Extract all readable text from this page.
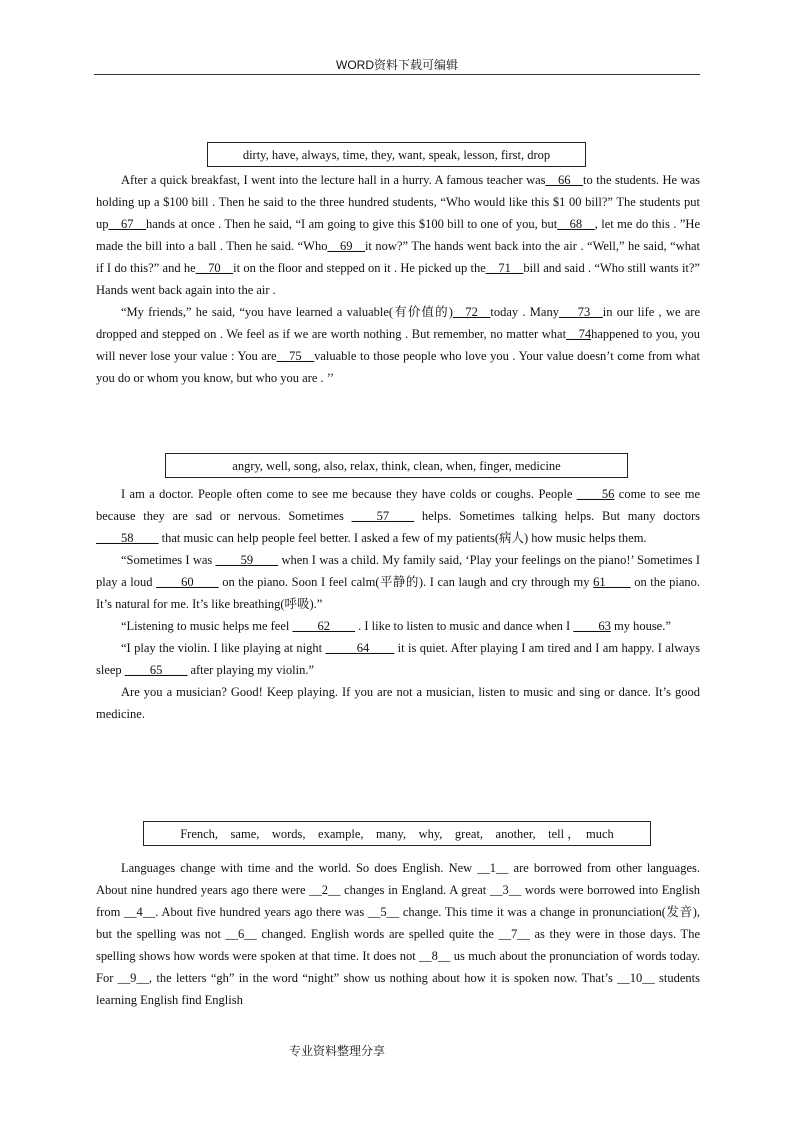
WORD资料下载可编辑
dirty, have, always, time, they, want, speak, lesson, first, drop

After a quick breakfast, I went into the lecture hall in a hurry. A famous teacher was__66__to the students. He was holding up a $100 bill . Then he said to the three hundred students, “Who would like this $1 00 bill?” The students put up__67__hands at once . Then he said, “I am going to give this $100 bill to one of you, but__68__, let me do this . ”He made the bill into a ball . Then he said. “Who__69__it now?” The hands went back into the air . “Well,” he said, “what if I do this?” and he__70__it on the floor and stepped on it . He picked up the__71__bill and said . “Who still wants it?” Hands went back again into the air .

“My friends,” he said, “you have learned a valuable(有价值的)__72__today . Many___73__in our life , we are dropped and stepped on . We feel as if we are worth nothing . But remember, no matter what__74happened to you, you will never lose your value : You are__75__valuable to those people who love you . Your value doesn’t come from what you do or whom you know, but who you are . ’’

angry, well, song, also, relax, think, clean, when, finger, medicine

I am a doctor. People often come to see me because they have colds or coughs. People ____56 come to see me because they are sad or nervous. Sometimes ____57____ helps. Sometimes talking helps. But many doctors ____58____ that music can help people feel better. I asked a few of my patients(病人) how music helps them.

“Sometimes I was ____59____ when I was a child. My family said, ‘Play your feelings on the piano!’ Sometimes I play a loud ____60____ on the piano. Soon I feel calm(平静的). I can laugh and cry through my 61____ on the piano. It’s natural for me. It’s like breathing(呼吸).”

“Listening to music helps me feel ____62____ . I like to listen to music and dance when I ____63 my house.”

“I play the violin. I like playing at night _____64____ it is quiet. After playing I am tired and I am happy. I always sleep ____65____ after playing my violin.”

Are you a musician? Good! Keep playing. If you are not a musician, listen to music and sing or dance. It’s good medicine.

French,    same,    words,    example,    many,    why,    great,    another,    tell ，  much

Languages change with time and the world. So does English. New __1__ are borrowed from other languages. About nine hundred years ago there were __2__ changes in England. A great __3__ words were borrowed into English from __4__. About five hundred years ago there was __5__ change. This time it was a change in pronunciation(发音), but the spelling was not __6__ changed. English words are spelled quite the __7__ as they were in those days. The spelling shows how words were spoken at that time. It does not __8__ us much about the pronunciation of words today. For __9__, the letters “gh” in the word “night” show us nothing about how it is spoken now. That’s __10__ students learning English find English

专业资料整理分享
